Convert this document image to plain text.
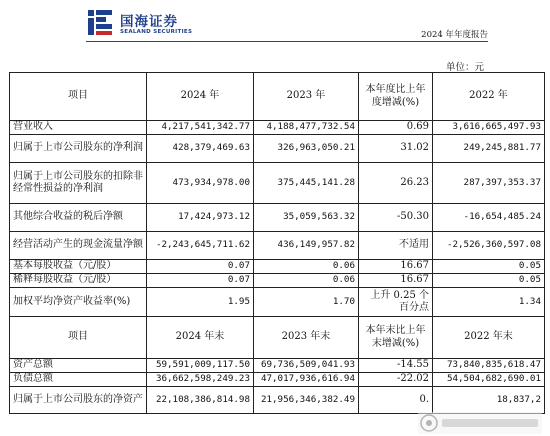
国海证券
SEALAND SECURITIES	2024 年年度报告
单位：元
项目	2024 年	2023 年	本年度比上年度增减(%)	2022 年
营业收入	4,217,541,342.77	4,188,477,732.54	0.69	3,616,665,497.93
归属于上市公司股东的净利润	428,379,469.63	326,963,050.21	31.02	249,245,881.77
归属于上市公司股东的扣除非经常性损益的净利润	473,934,978.00	375,445,141.28	26.23	287,397,353.37
其他综合收益的税后净额	17,424,973.12	35,059,563.32	-50.30	-16,654,485.24
经营活动产生的现金流量净额	-2,243,645,711.62	436,149,957.82	不适用	-2,526,360,597.08
基本每股收益（元/股）	0.07	0.06	16.67	0.05
稀释每股收益（元/股）	0.07	0.06	16.67	0.05
加权平均净资产收益率(%)	1.95	1.70	上升 0.25 个百分点	1.34
项目	2024 年末	2023 年末	本年末比上年末增减(%)	2022 年末
资产总额	59,591,009,117.50	69,736,509,041.93	-14.55	73,840,835,618.47
负债总额	36,662,598,249.23	47,017,936,616.94	-22.02	54,504,682,690.01
归属于上市公司股东的净资产	22,108,386,814.98	21,956,346,382.49	0.	18,837,2
